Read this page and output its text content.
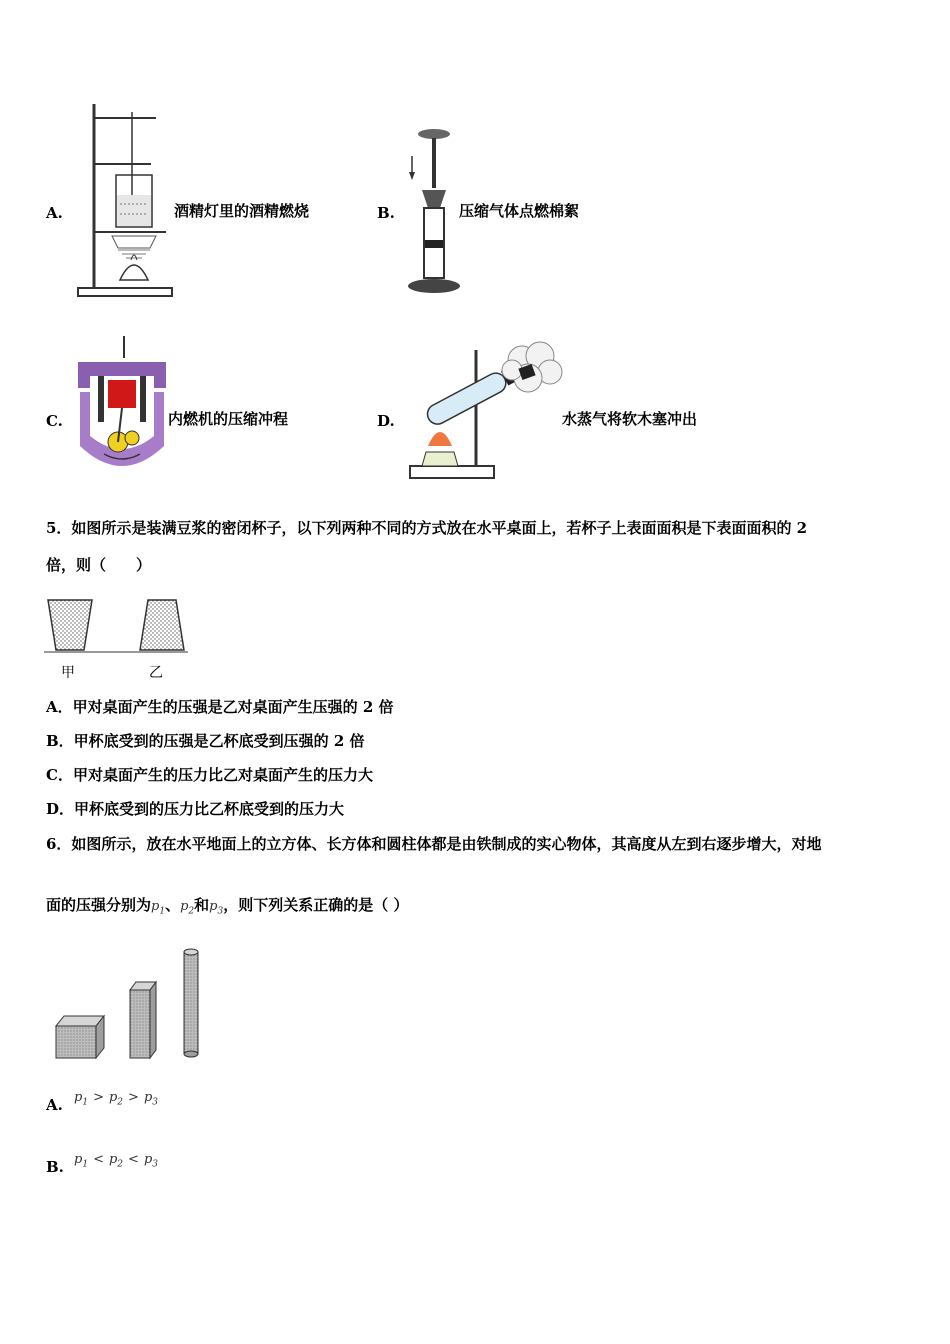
A.	酒精灯里的酒精燃烧	B.	压缩气体点燃棉絮
C.	内燃机的压缩冲程	D.	水蒸气将软木塞冲出
5．如图所示是装满豆浆的密闭杯子，以下列两种不同的方式放在水平桌面上，若杯子上表面面积是下表面面积的 2
倍，则（　　）
甲	乙
A．甲对桌面产生的压强是乙对桌面产生压强的 2 倍
B．甲杯底受到的压强是乙杯底受到压强的 2 倍
C．甲对桌面产生的压力比乙对桌面产生的压力大
D．甲杯底受到的压力比乙杯底受到的压力大
6．如图所示，放在水平地面上的立方体、长方体和圆柱体都是由铁制成的实心物体，其高度从左到右逐步增大，对地
面的压强分别为 $p_1$ 、 $p_2$ 和 $p_3$ ，则下列关系正确的是（ ）
A. $p_1 > p_2 > p_3$
B. $p_1 < p_2 < p_3$
